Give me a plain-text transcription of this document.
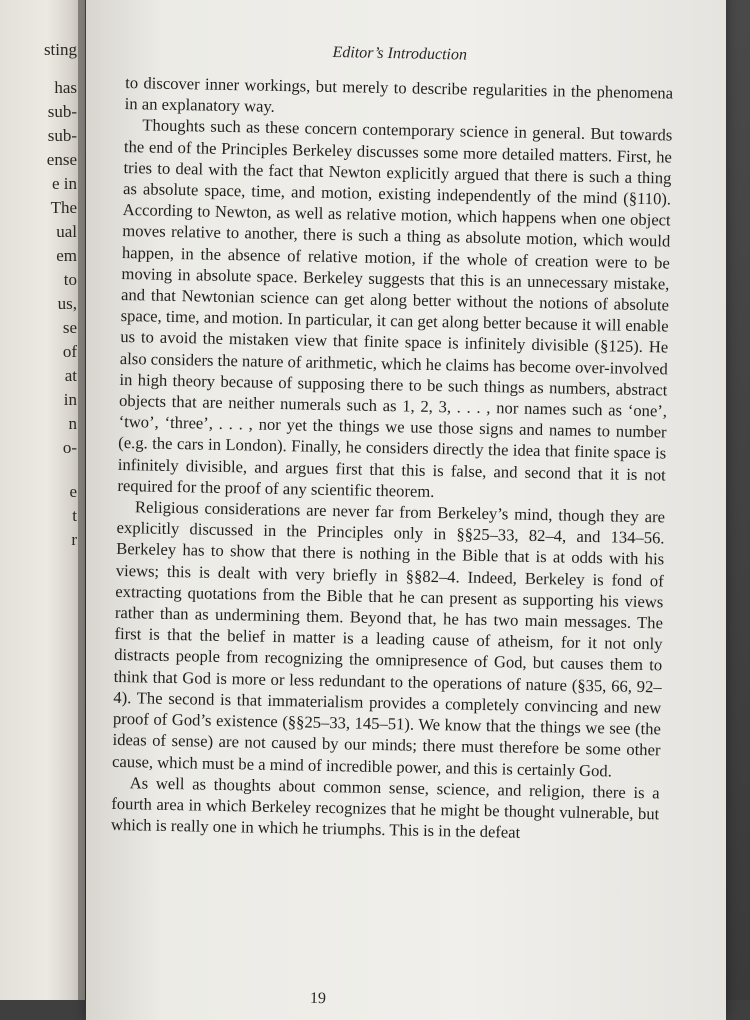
sting
has
sub-
sub-
ense
e in
The
ual
em
to
us,
se
of
at
in
n
o-
e
t
r
Editor’s Introduction

to discover inner workings, but merely to describe regularities in the phenomena in an explanatory way.

Thoughts such as these concern contemporary science in general. But towards the end of the Principles Berkeley discusses some more detailed matters. First, he tries to deal with the fact that Newton explicitly argued that there is such a thing as absolute space, time, and motion, existing independently of the mind (§110). According to Newton, as well as relative motion, which happens when one object moves relative to another, there is such a thing as absolute motion, which would happen, in the absence of relative motion, if the whole of creation were to be moving in absolute space. Berkeley suggests that this is an unnecessary mistake, and that Newtonian science can get along better without the notions of absolute space, time, and motion. In particular, it can get along better because it will enable us to avoid the mistaken view that finite space is infinitely divisible (§125). He also considers the nature of arithmetic, which he claims has become over-involved in high theory because of supposing there to be such things as numbers, abstract objects that are neither numerals such as 1, 2, 3, . . . , nor names such as ‘one’, ‘two’, ‘three’, . . . , nor yet the things we use those signs and names to number (e.g. the cars in London). Finally, he considers directly the idea that finite space is infinitely divisible, and argues first that this is false, and second that it is not required for the proof of any scientific theorem.

Religious considerations are never far from Berkeley’s mind, though they are explicitly discussed in the Principles only in §§25–33, 82–4, and 134–56. Berkeley has to show that there is nothing in the Bible that is at odds with his views; this is dealt with very briefly in §§82–4. Indeed, Berkeley is fond of extracting quotations from the Bible that he can present as supporting his views rather than as undermining them. Beyond that, he has two main messages. The first is that the belief in matter is a leading cause of atheism, for it not only distracts people from recognizing the omnipresence of God, but causes them to think that God is more or less redundant to the operations of nature (§35, 66, 92–4). The second is that immaterialism provides a completely convincing and new proof of God’s existence (§§25–33, 145–51). We know that the things we see (the ideas of sense) are not caused by our minds; there must therefore be some other cause, which must be a mind of incredible power, and this is certainly God.

As well as thoughts about common sense, science, and religion, there is a fourth area in which Berkeley recognizes that he might be thought vulnerable, but which is really one in which he triumphs. This is in the defeat

19
